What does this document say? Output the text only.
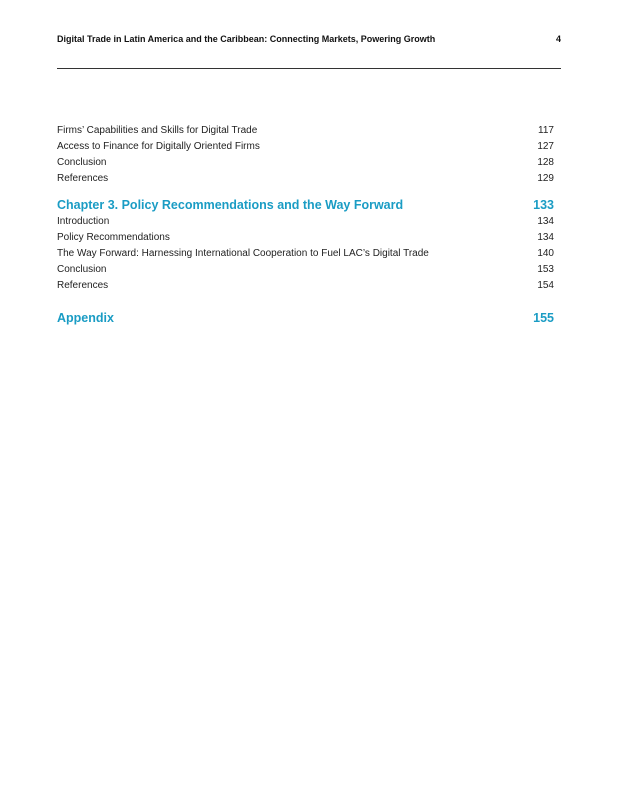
Digital Trade in Latin America and the Caribbean: Connecting Markets, Powering Growth	4
Firms’ Capabilities and Skills for Digital Trade	117
Access to Finance for Digitally Oriented Firms	127
Conclusion	128
References	129
Chapter 3. Policy Recommendations and the Way Forward	133
Introduction	134
Policy Recommendations	134
The Way Forward: Harnessing International Cooperation to Fuel LAC’s Digital Trade	140
Conclusion	153
References	154
Appendix	155
